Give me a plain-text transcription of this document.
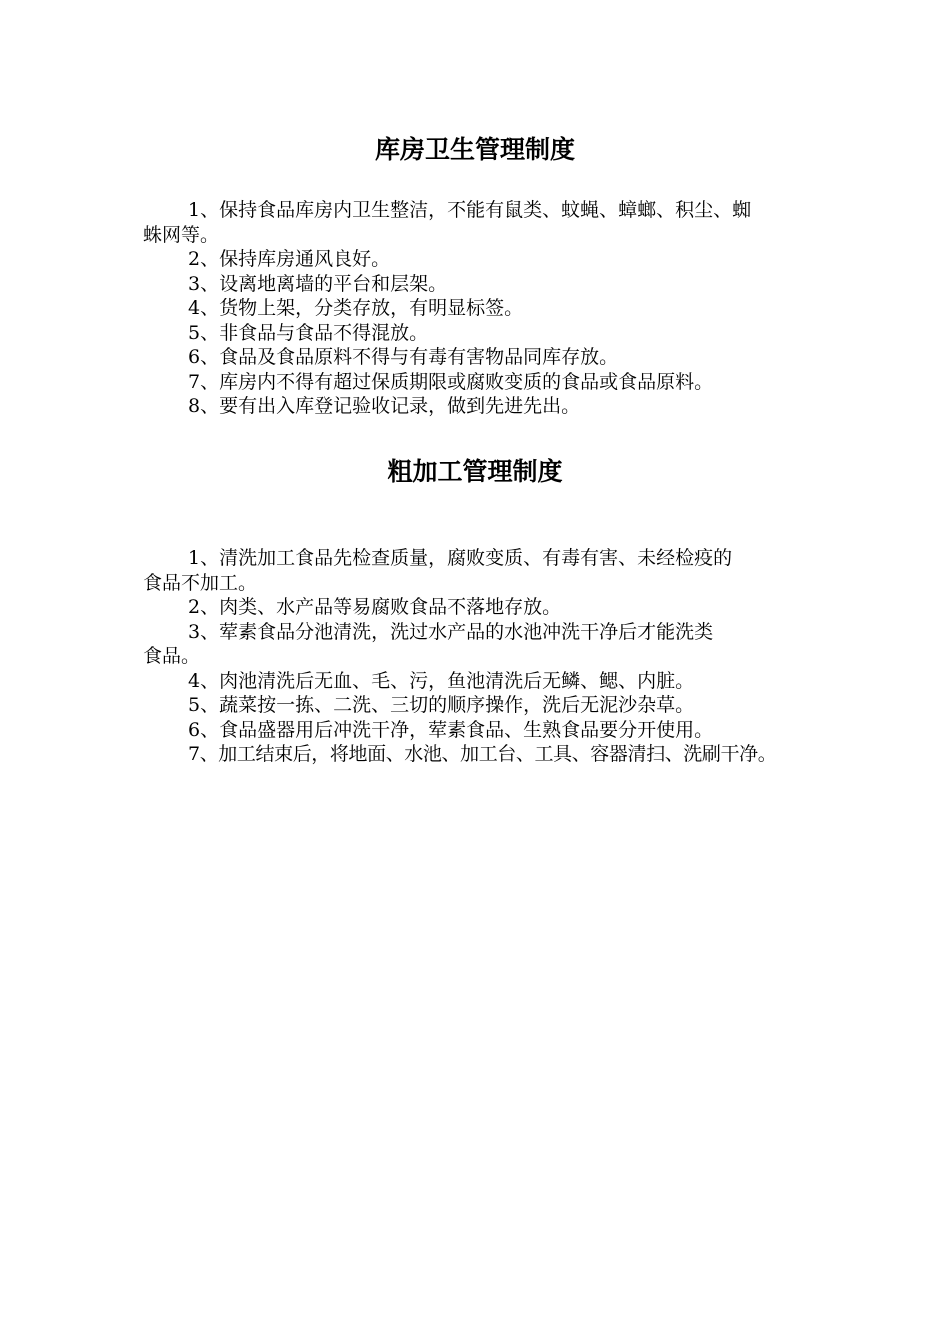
库房卫生管理制度

1、保持食品库房内卫生整洁，不能有鼠类、蚊蝇、蟑螂、积尘、蜘
蛛网等。

2、保持库房通风良好。

3、设离地离墙的平台和层架。

4、货物上架，分类存放，有明显标签。

5、非食品与食品不得混放。

6、食品及食品原料不得与有毒有害物品同库存放。

7、库房内不得有超过保质期限或腐败变质的食品或食品原料。

8、要有出入库登记验收记录，做到先进先出。

粗加工管理制度

1、清洗加工食品先检查质量，腐败变质、有毒有害、未经检疫的
食品不加工。

2、肉类、水产品等易腐败食品不落地存放。

3、荤素食品分池清洗，洗过水产品的水池冲洗干净后才能洗类
食品。

4、肉池清洗后无血、毛、污，鱼池清洗后无鳞、鳃、内脏。

5、蔬菜按一拣、二洗、三切的顺序操作，洗后无泥沙杂草。

6、食品盛器用后冲洗干净，荤素食品、生熟食品要分开使用。

7、加工结束后，将地面、水池、加工台、工具、容器清扫、洗刷干净。
